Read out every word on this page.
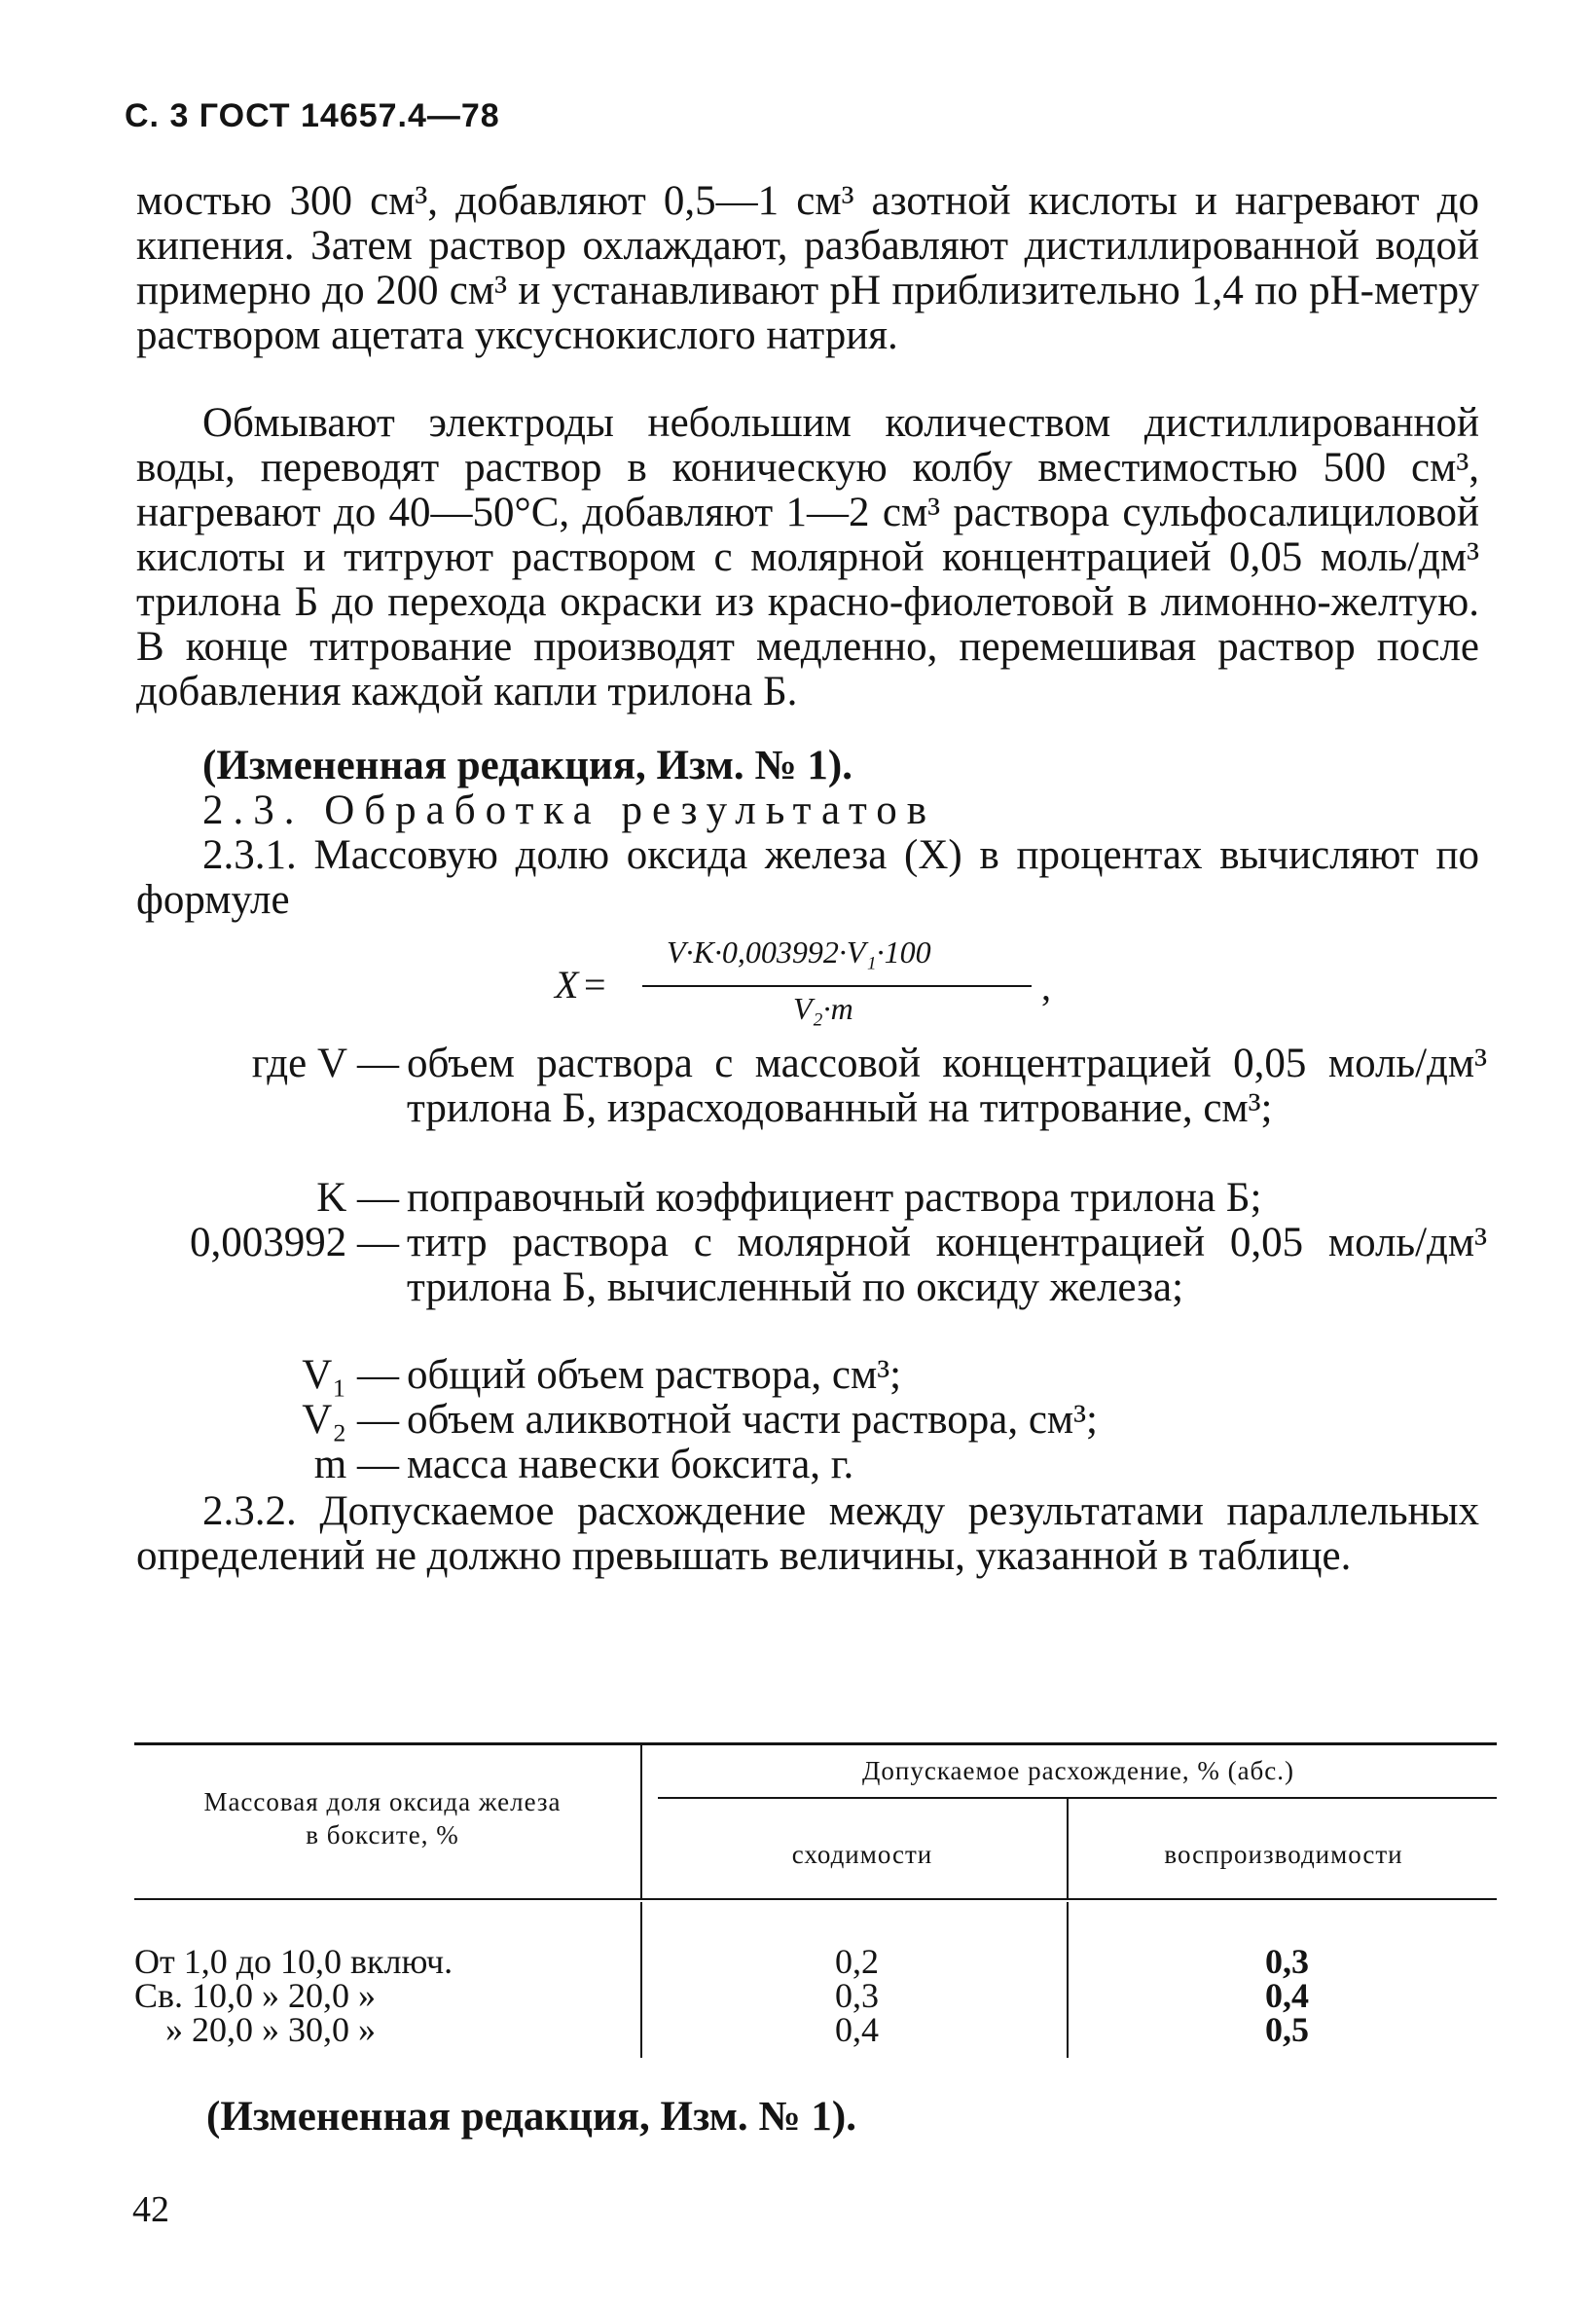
С. 3 ГОСТ 14657.4—78
мостью 300 см³, добавляют 0,5—1 см³ азотной кислоты и нагревают до кипения. Затем раствор охлаждают, разбавляют дистиллированной водой примерно до 200 см³ и устанавливают pH приблизительно 1,4 по pH-метру раствором ацетата уксуснокислого натрия.
Обмывают электроды небольшим количеством дистиллированной воды, переводят раствор в коническую колбу вместимостью 500 см³, нагревают до 40—50°С, добавляют 1—2 см³ раствора сульфосалициловой кислоты и титруют раствором с молярной концентрацией 0,05 моль/дм³ трилона Б до перехода окраски из красно-фиолетовой в лимонно-желтую. В конце титрование производят медленно, перемешивая раствор после добавления каждой капли трилона Б.
(Измененная редакция, Изм. № 1).
2.3. Обработка результатов
2.3.1. Массовую долю оксида железа (X) в процентах вычисляют по формуле
X =
V·K·0,003992·V₁·100
V₂·m	,
где V — объем раствора с массовой концентрацией 0,05 моль/дм³ трилона Б, израсходованный на титрование, см³;
K — поправочный коэффициент раствора трилона Б;
0,003992 — титр раствора с молярной концентрацией 0,05 моль/дм³ трилона Б, вычисленный по оксиду железа;
V₁ — общий объем раствора, см³;
V₂ — объем аликвотной части раствора, см³;
m — масса навески боксита, г.
2.3.2. Допускаемое расхождение между результатами параллельных определений не должно превышать величины, указанной в таблице.
Массовая доля оксида железа
в боксите, %
Допускаемое расхождение, % (абс.)
сходимости	воспроизводимости
От 1,0 до 10,0 включ.
Св. 10,0 » 20,0 »
» 20,0 » 30,0 »
0,2
0,3
0,4
0,3
0,4
0,5
(Измененная редакция, Изм. № 1).
42
